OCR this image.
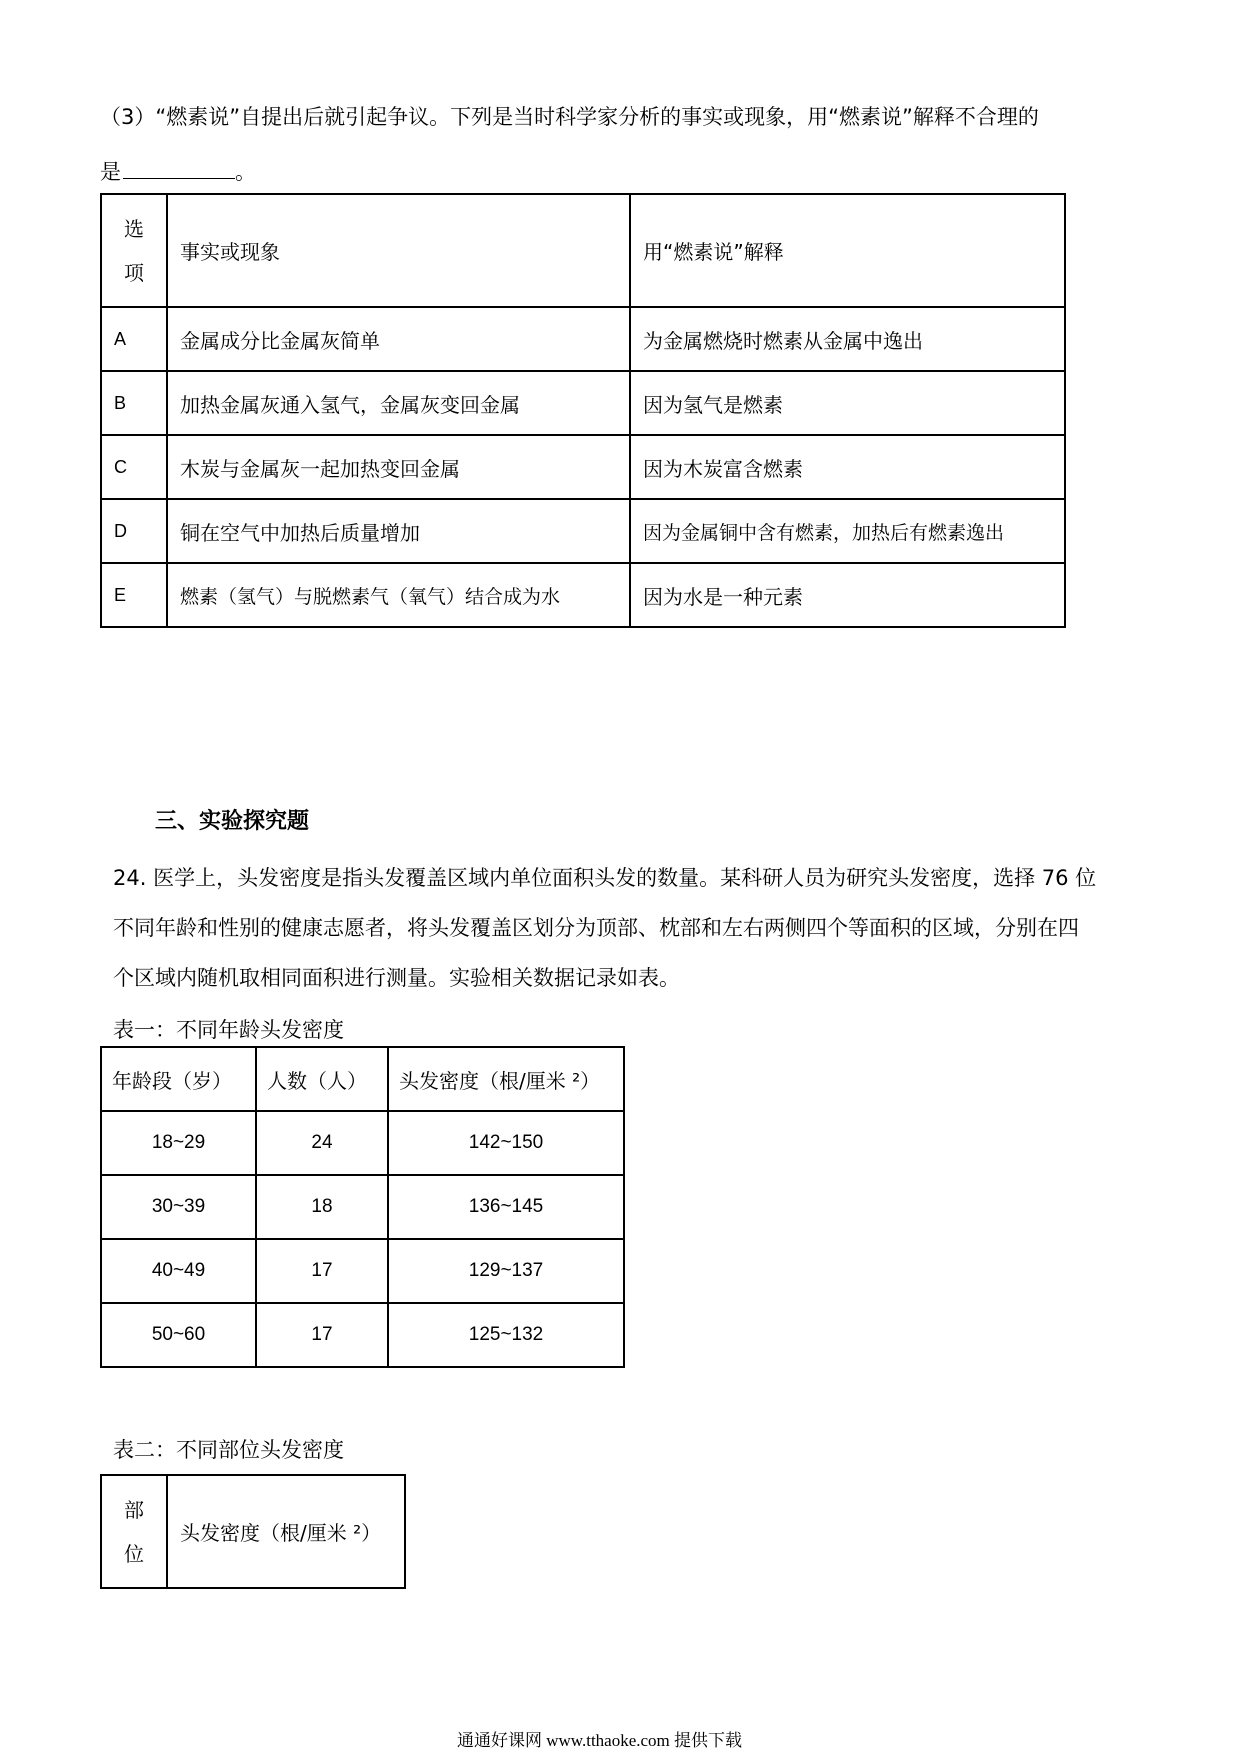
（3）“燃素说”自提出后就引起争议。下列是当时科学家分析的事实或现象，用“燃素说”解释不合理的
是	。
选
项	事实或现象	用“燃素说”解释
A	金属成分比金属灰简单	为金属燃烧时燃素从金属中逸出
B	加热金属灰通入氢气，金属灰变回金属	因为氢气是燃素
C	木炭与金属灰一起加热变回金属	因为木炭富含燃素
D	铜在空气中加热后质量增加	因为金属铜中含有燃素，加热后有燃素逸出
E	燃素（氢气）与脱燃素气（氧气）结合成为水	因为水是一种元素
三、实验探究题
24. 医学上，头发密度是指头发覆盖区域内单位面积头发的数量。某科研人员为研究头发密度，选择 76 位
不同年龄和性别的健康志愿者，将头发覆盖区划分为顶部、枕部和左右两侧四个等面积的区域，分别在四
个区域内随机取相同面积进行测量。实验相关数据记录如表。
表一：不同年龄头发密度
年龄段（岁）	人数（人）	头发密度（根/厘米 ²）
18~29	24	142~150
30~39	18	136~145
40~49	17	129~137
50~60	17	125~132
表二：不同部位头发密度
部
位	头发密度（根/厘米 ²）
通通好课网 www.tthaoke.com 提供下载
